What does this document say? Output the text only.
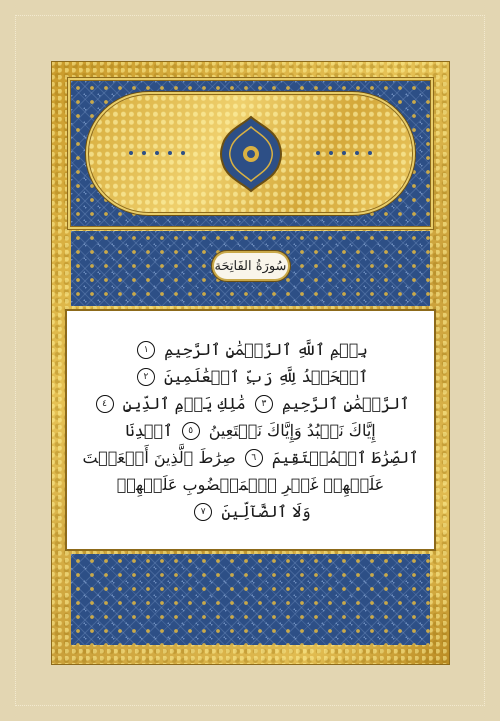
سُورَةُ الفَاتِحَة
بِسۡمِ ٱللَّهِ ٱلرَّحۡمَٰنِ ٱلرَّحِيمِ ١
ٱلۡحَمۡدُ لِلَّهِ رَبِّ ٱلۡعَٰلَمِينَ ٢
ٱلرَّحۡمَٰنِ ٱلرَّحِيمِ ٣ مَٰلِكِ يَوۡمِ ٱلدِّينِ ٤
إِيَّاكَ نَعۡبُدُ وَإِيَّاكَ نَسۡتَعِينُ ٥ ٱهۡدِنَا
ٱلصِّرَٰطَ ٱلۡمُسۡتَقِيمَ ٦ صِرَٰطَ ٱلَّذِينَ أَنۡعَمۡتَ
عَلَيۡهِمۡ غَيۡرِ ٱلۡمَغۡضُوبِ عَلَيۡهِمۡ
وَلَا ٱلضَّآلِّينَ ٧
